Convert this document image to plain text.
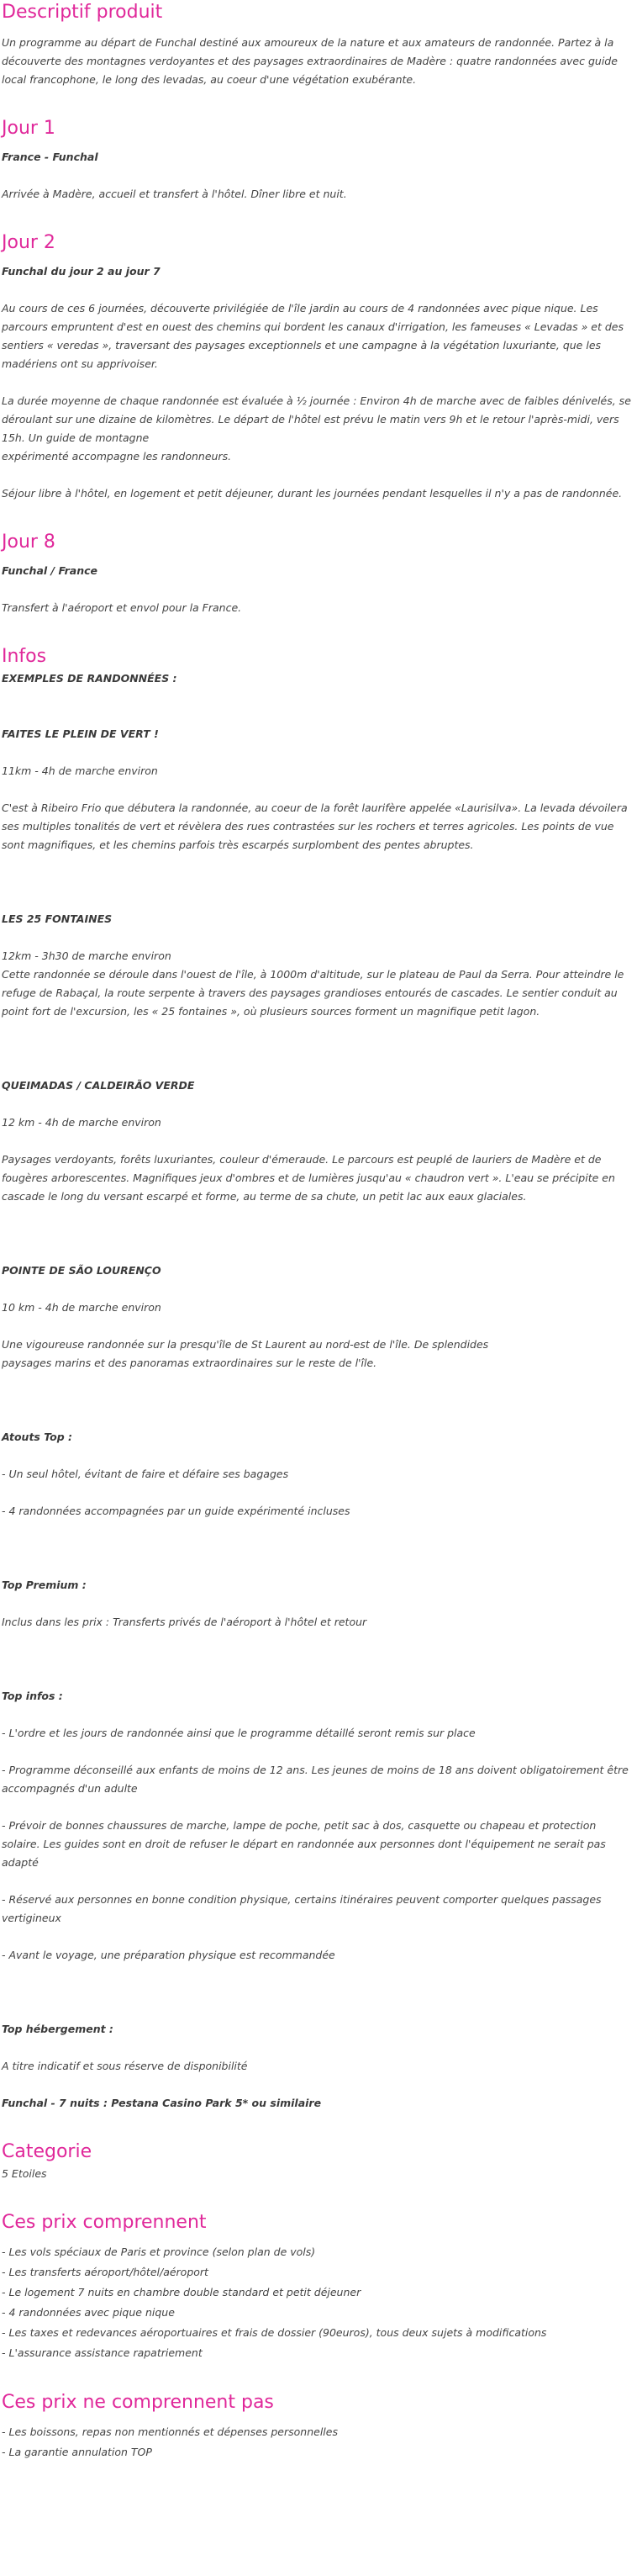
Descriptif produit

Un programme au départ de Funchal destiné aux amoureux de la nature et aux amateurs de randonnée. Partez à la découverte des montagnes verdoyantes et des paysages extraordinaires de Madère : quatre randonnées avec guide local francophone, le long des levadas, au coeur d'une végétation exubérante.

Jour 1

France - Funchal

Arrivée à Madère, accueil et transfert à l'hôtel. Dîner libre et nuit.

Jour 2

Funchal du jour 2 au jour 7

Au cours de ces 6 journées, découverte privilégiée de l'île jardin au cours de 4 randonnées avec pique nique. Les parcours empruntent d'est en ouest des chemins qui bordent les canaux d'irrigation, les fameuses « Levadas » et des sentiers « veredas », traversant des paysages exceptionnels et une campagne à la végétation luxuriante, que les madériens ont su apprivoiser.

La durée moyenne de chaque randonnée est évaluée à ½ journée : Environ 4h de marche avec de faibles dénivelés, se déroulant sur une dizaine de kilomètres. Le départ de l'hôtel est prévu le matin vers 9h et le retour l'après-midi, vers 15h. Un guide de montagne

expérimenté accompagne les randonneurs.

Séjour libre à l'hôtel, en logement et petit déjeuner, durant les journées pendant lesquelles il n'y a pas de randonnée.

Jour 8

Funchal / France

Transfert à l'aéroport et envol pour la France.

Infos

EXEMPLES DE RANDONNÉES :

FAITES LE PLEIN DE VERT !

11km - 4h de marche environ

C'est à Ribeiro Frio que débutera la randonnée, au coeur de la forêt laurifère appelée «Laurisilva». La levada dévoilera ses multiples tonalités de vert et révèlera des rues contrastées sur les rochers et terres agricoles. Les points de vue sont magnifiques, et les chemins parfois très escarpés surplombent des pentes abruptes.

LES 25 FONTAINES

12km - 3h30 de marche environ

Cette randonnée se déroule dans l'ouest de l'île, à 1000m d'altitude, sur le plateau de Paul da Serra. Pour atteindre le refuge de Rabaçal, la route serpente à travers des paysages grandioses entourés de cascades. Le sentier conduit au point fort de l'excursion, les « 25 fontaines », où plusieurs sources forment un magnifique petit lagon.

QUEIMADAS / CALDEIRÃO VERDE

12 km - 4h de marche environ

Paysages verdoyants, forêts luxuriantes, couleur d'émeraude. Le parcours est peuplé de lauriers de Madère et de fougères arborescentes. Magnifiques jeux d'ombres et de lumières jusqu'au « chaudron vert ». L'eau se précipite en cascade le long du versant escarpé et forme, au terme de sa chute, un petit lac aux eaux glaciales.

POINTE DE SÃO LOURENÇO

10 km - 4h de marche environ

Une vigoureuse randonnée sur la presqu'île de St Laurent au nord-est de l'île. De splendides

paysages marins et des panoramas extraordinaires sur le reste de l'île.

Atouts Top :

- Un seul hôtel, évitant de faire et défaire ses bagages

- 4 randonnées accompagnées par un guide expérimenté incluses

Top Premium :

Inclus dans les prix : Transferts privés de l'aéroport à l'hôtel et retour

Top infos :

- L'ordre et les jours de randonnée ainsi que le programme détaillé seront remis sur place

- Programme déconseillé aux enfants de moins de 12 ans. Les jeunes de moins de 18 ans doivent obligatoirement être accompagnés d'un adulte

- Prévoir de bonnes chaussures de marche, lampe de poche, petit sac à dos, casquette ou chapeau et protection solaire. Les guides sont en droit de refuser le départ en randonnée aux personnes dont l'équipement ne serait pas adapté

- Réservé aux personnes en bonne condition physique, certains itinéraires peuvent comporter quelques passages vertigineux

- Avant le voyage, une préparation physique est recommandée

Top hébergement :

A titre indicatif et sous réserve de disponibilité

Funchal - 7 nuits : Pestana Casino Park 5* ou similaire

Categorie

5 Etoiles

Ces prix comprennent
- Les vols spéciaux de Paris et province (selon plan de vols)
- Les transferts aéroport/hôtel/aéroport
- Le logement 7 nuits en chambre double standard et petit déjeuner
- 4 randonnées avec pique nique
- Les taxes et redevances aéroportuaires et frais de dossier (90euros), tous deux sujets à modifications
- L'assurance assistance rapatriement
Ces prix ne comprennent pas
- Les boissons, repas non mentionnés et dépenses personnelles
- La garantie annulation TOP
